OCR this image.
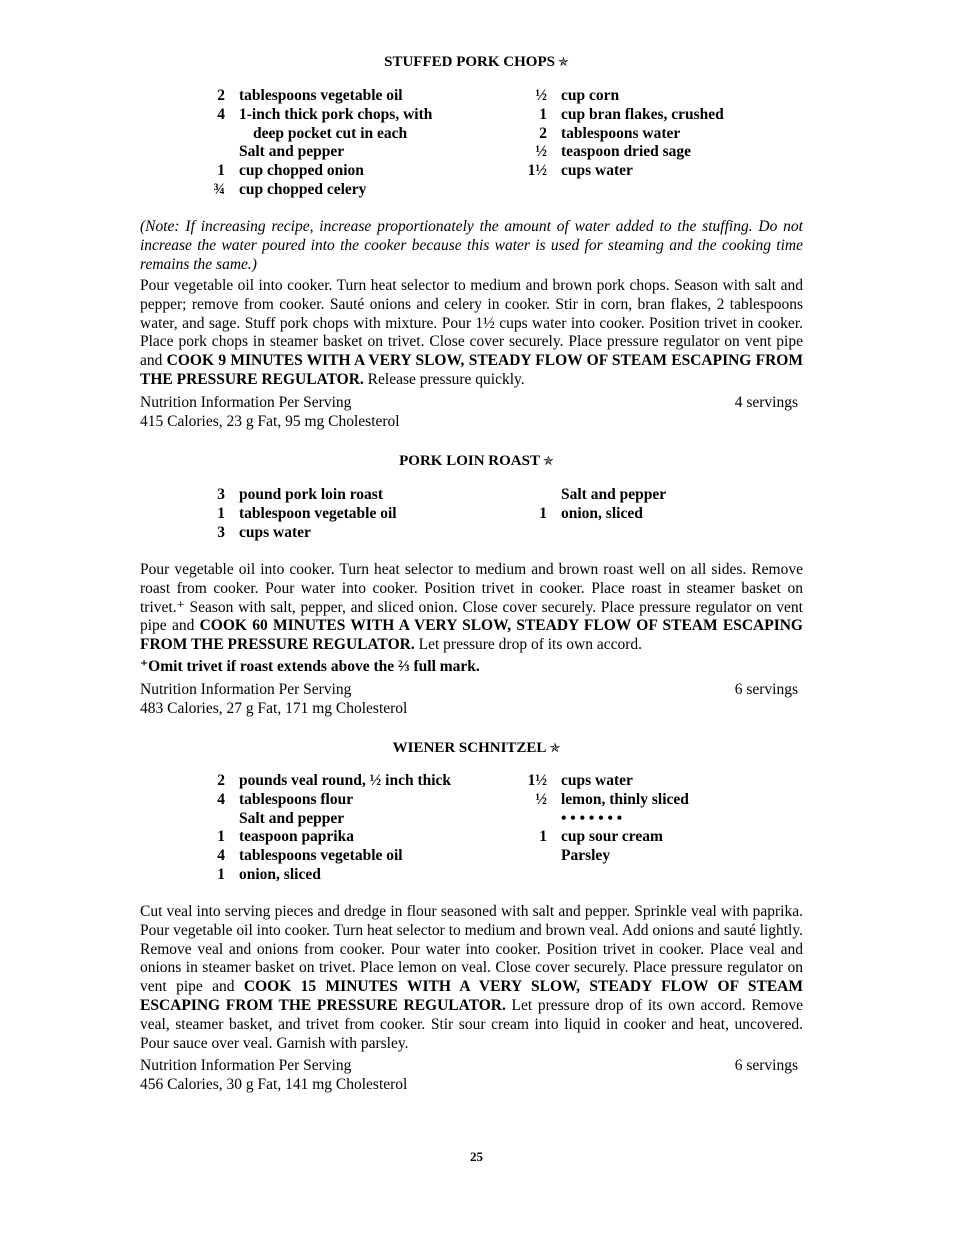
STUFFED PORK CHOPS ✯
2 tablespoons vegetable oil
4 1-inch thick pork chops, with
deep pocket cut in each
Salt and pepper
1 cup chopped onion
¾ cup chopped celery
½ cup corn
1 cup bran flakes, crushed
2 tablespoons water
½ teaspoon dried sage
1½ cups water
(Note: If increasing recipe, increase proportionately the amount of water added to the stuffing. Do not increase the water poured into the cooker because this water is used for steaming and the cooking time remains the same.)
Pour vegetable oil into cooker. Turn heat selector to medium and brown pork chops. Season with salt and pepper; remove from cooker. Sauté onions and celery in cooker. Stir in corn, bran flakes, 2 tablespoons water, and sage. Stuff pork chops with mixture. Pour 1½ cups water into cooker. Position trivet in cooker. Place pork chops in steamer basket on trivet. Close cover securely. Place pressure regulator on vent pipe and COOK 9 MINUTES WITH A VERY SLOW, STEADY FLOW OF STEAM ESCAPING FROM THE PRESSURE REGULATOR. Release pressure quickly.
Nutrition Information Per Serving
415 Calories, 23 g Fat, 95 mg Cholesterol
4 servings
PORK LOIN ROAST ✯
3 pound pork loin roast
1 tablespoon vegetable oil
3 cups water
Salt and pepper
1 onion, sliced
Pour vegetable oil into cooker. Turn heat selector to medium and brown roast well on all sides. Remove roast from cooker. Pour water into cooker. Position trivet in cooker. Place roast in steamer basket on trivet.⁺ Season with salt, pepper, and sliced onion. Close cover securely. Place pressure regulator on vent pipe and COOK 60 MINUTES WITH A VERY SLOW, STEADY FLOW OF STEAM ESCAPING FROM THE PRESSURE REGULATOR. Let pressure drop of its own accord.
⁺Omit trivet if roast extends above the ⅔ full mark.
Nutrition Information Per Serving
483 Calories, 27 g Fat, 171 mg Cholesterol
6 servings
WIENER SCHNITZEL ✯
2 pounds veal round, ½ inch thick
4 tablespoons flour
Salt and pepper
1 teaspoon paprika
4 tablespoons vegetable oil
1 onion, sliced
1½ cups water
½ lemon, thinly sliced
• • • • • • •
1 cup sour cream
Parsley
Cut veal into serving pieces and dredge in flour seasoned with salt and pepper. Sprinkle veal with paprika. Pour vegetable oil into cooker. Turn heat selector to medium and brown veal. Add onions and sauté lightly. Remove veal and onions from cooker. Pour water into cooker. Position trivet in cooker. Place veal and onions in steamer basket on trivet. Place lemon on veal. Close cover securely. Place pressure regulator on vent pipe and COOK 15 MINUTES WITH A VERY SLOW, STEADY FLOW OF STEAM ESCAPING FROM THE PRESSURE REGULATOR. Let pressure drop of its own accord. Remove veal, steamer basket, and trivet from cooker. Stir sour cream into liquid in cooker and heat, uncovered. Pour sauce over veal. Garnish with parsley.
Nutrition Information Per Serving
456 Calories, 30 g Fat, 141 mg Cholesterol
6 servings
25
